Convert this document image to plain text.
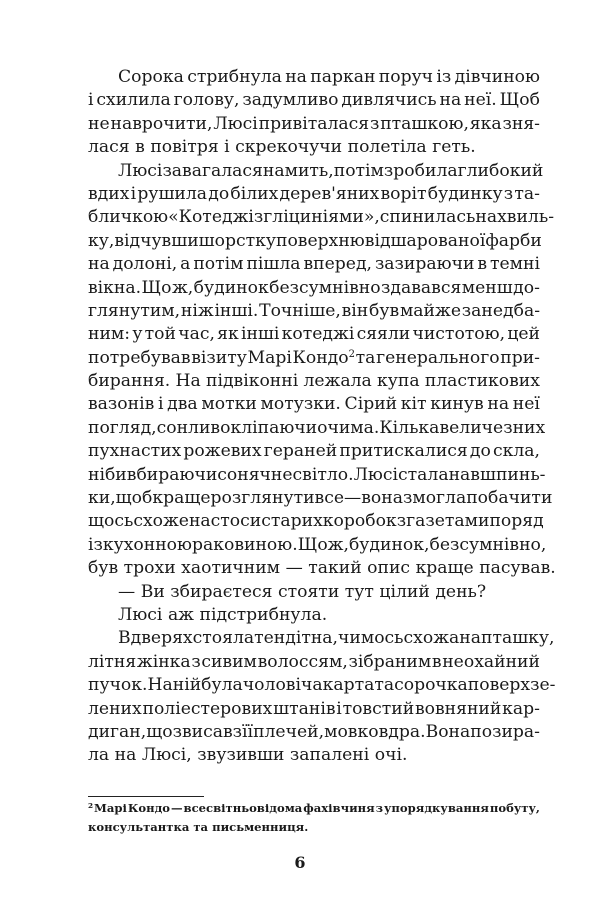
Сорока стрибнула на паркан поруч із дівчиною
і схилила голову, задумливо дивлячись на неї. Щоб
не наврочити, Люсі привіталася з пташкою, яка зня-
лася в повітря і скрекочучи полетіла геть.
Люсі завагалася на мить, потім зробила глибокий
вдих і рушила до білих дерев'яних воріт будинку з та-
бличкою «Котедж із гліциніями», спинилась на хвиль-
ку, відчувши шорстку поверхню відшарованої фарби
на долоні, а потім пішла вперед, зазираючи в темні
вікна. Що ж, будинок безсумнівно здавався менш до-
глянутим, ніж інші. Точніше, він був майже занедба-
ним: у той час, як інші котеджі сяяли чистотою, цей
потребував візиту Марі Кондо$^2$ та генерального при-
бирання. На підвіконні лежала купа пластикових
вазонів і два мотки мотузки. Сірий кіт кинув на неї
погляд, сонливо кліпаючи очима. Кілька величезних
пухнастих рожевих гераней притискалися до скла,
ніби вбираючи сонячне світло. Люсі стала навшпинь-
ки, щоб краще розглянути все — вона змогла побачити
щось схоже на стоси старих коробок з газетами поряд
із кухонною раковиною. Що ж, будинок, безсумнівно,
був трохи хаотичним — такий опис краще пасував.
— Ви збираєтеся стояти тут цілий день?
Люсі аж підстрибнула.
В дверях стояла тендітна, чимось схожа на пташку,
літня жінка з сивим волоссям, зібраним в неохайний
пучок. На ній була чоловіча картата сорочка поверх зе-
лених поліестерових штанів і товстий вовняний кар-
диган, що звисав з її плечей, мов ковдра. Вона позира-
ла на Люсі, звузивши запалені очі.
² Марі Кондо — всесвітньовідома фахівчиня з упорядкування побуту,
консультантка та письменниця.
6
